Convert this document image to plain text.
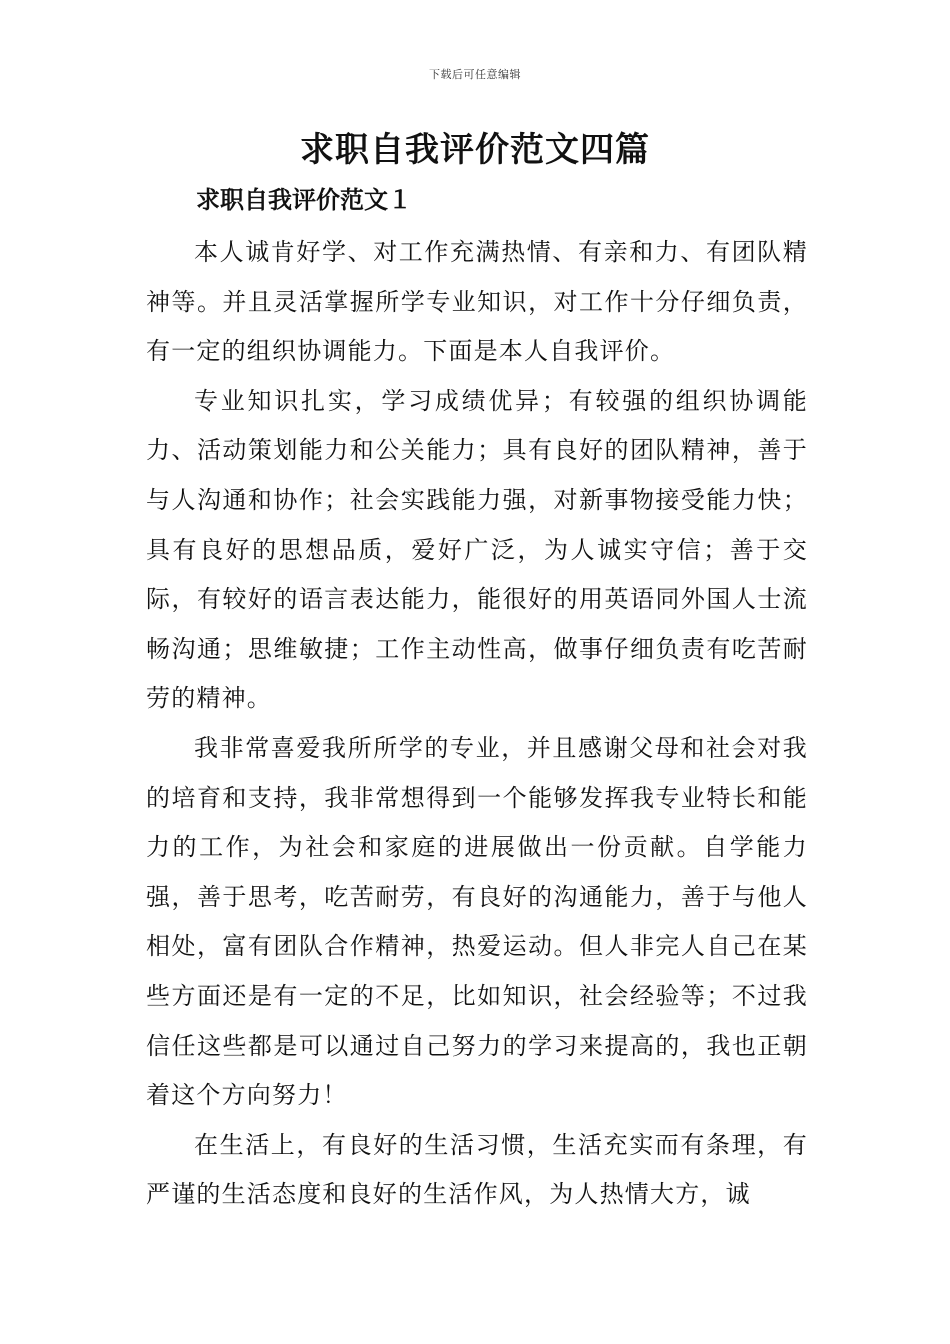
下载后可任意编辑
求职自我评价范文四篇
求职自我评价范文１

本人诚肯好学、对工作充满热情、有亲和力、有团队精神等。并且灵活掌握所学专业知识，对工作十分仔细负责，有一定的组织协调能力。下面是本人自我评价。

专业知识扎实，学习成绩优异；有较强的组织协调能力、活动策划能力和公关能力；具有良好的团队精神，善于与人沟通和协作；社会实践能力强，对新事物接受能力快；具有良好的思想品质，爱好广泛，为人诚实守信；善于交际，有较好的语言表达能力，能很好的用英语同外国人士流畅沟通；思维敏捷；工作主动性高，做事仔细负责有吃苦耐劳的精神。

我非常喜爱我所所学的专业，并且感谢父母和社会对我的培育和支持，我非常想得到一个能够发挥我专业特长和能力的工作，为社会和家庭的进展做出一份贡献。自学能力强，善于思考，吃苦耐劳，有良好的沟通能力，善于与他人相处，富有团队合作精神，热爱运动。但人非完人自己在某些方面还是有一定的不足，比如知识，社会经验等；不过我信任这些都是可以通过自己努力的学习来提高的，我也正朝着这个方向努力！

在生活上，有良好的生活习惯，生活充实而有条理，有严谨的生活态度和良好的生活作风，为人热情大方，诚
